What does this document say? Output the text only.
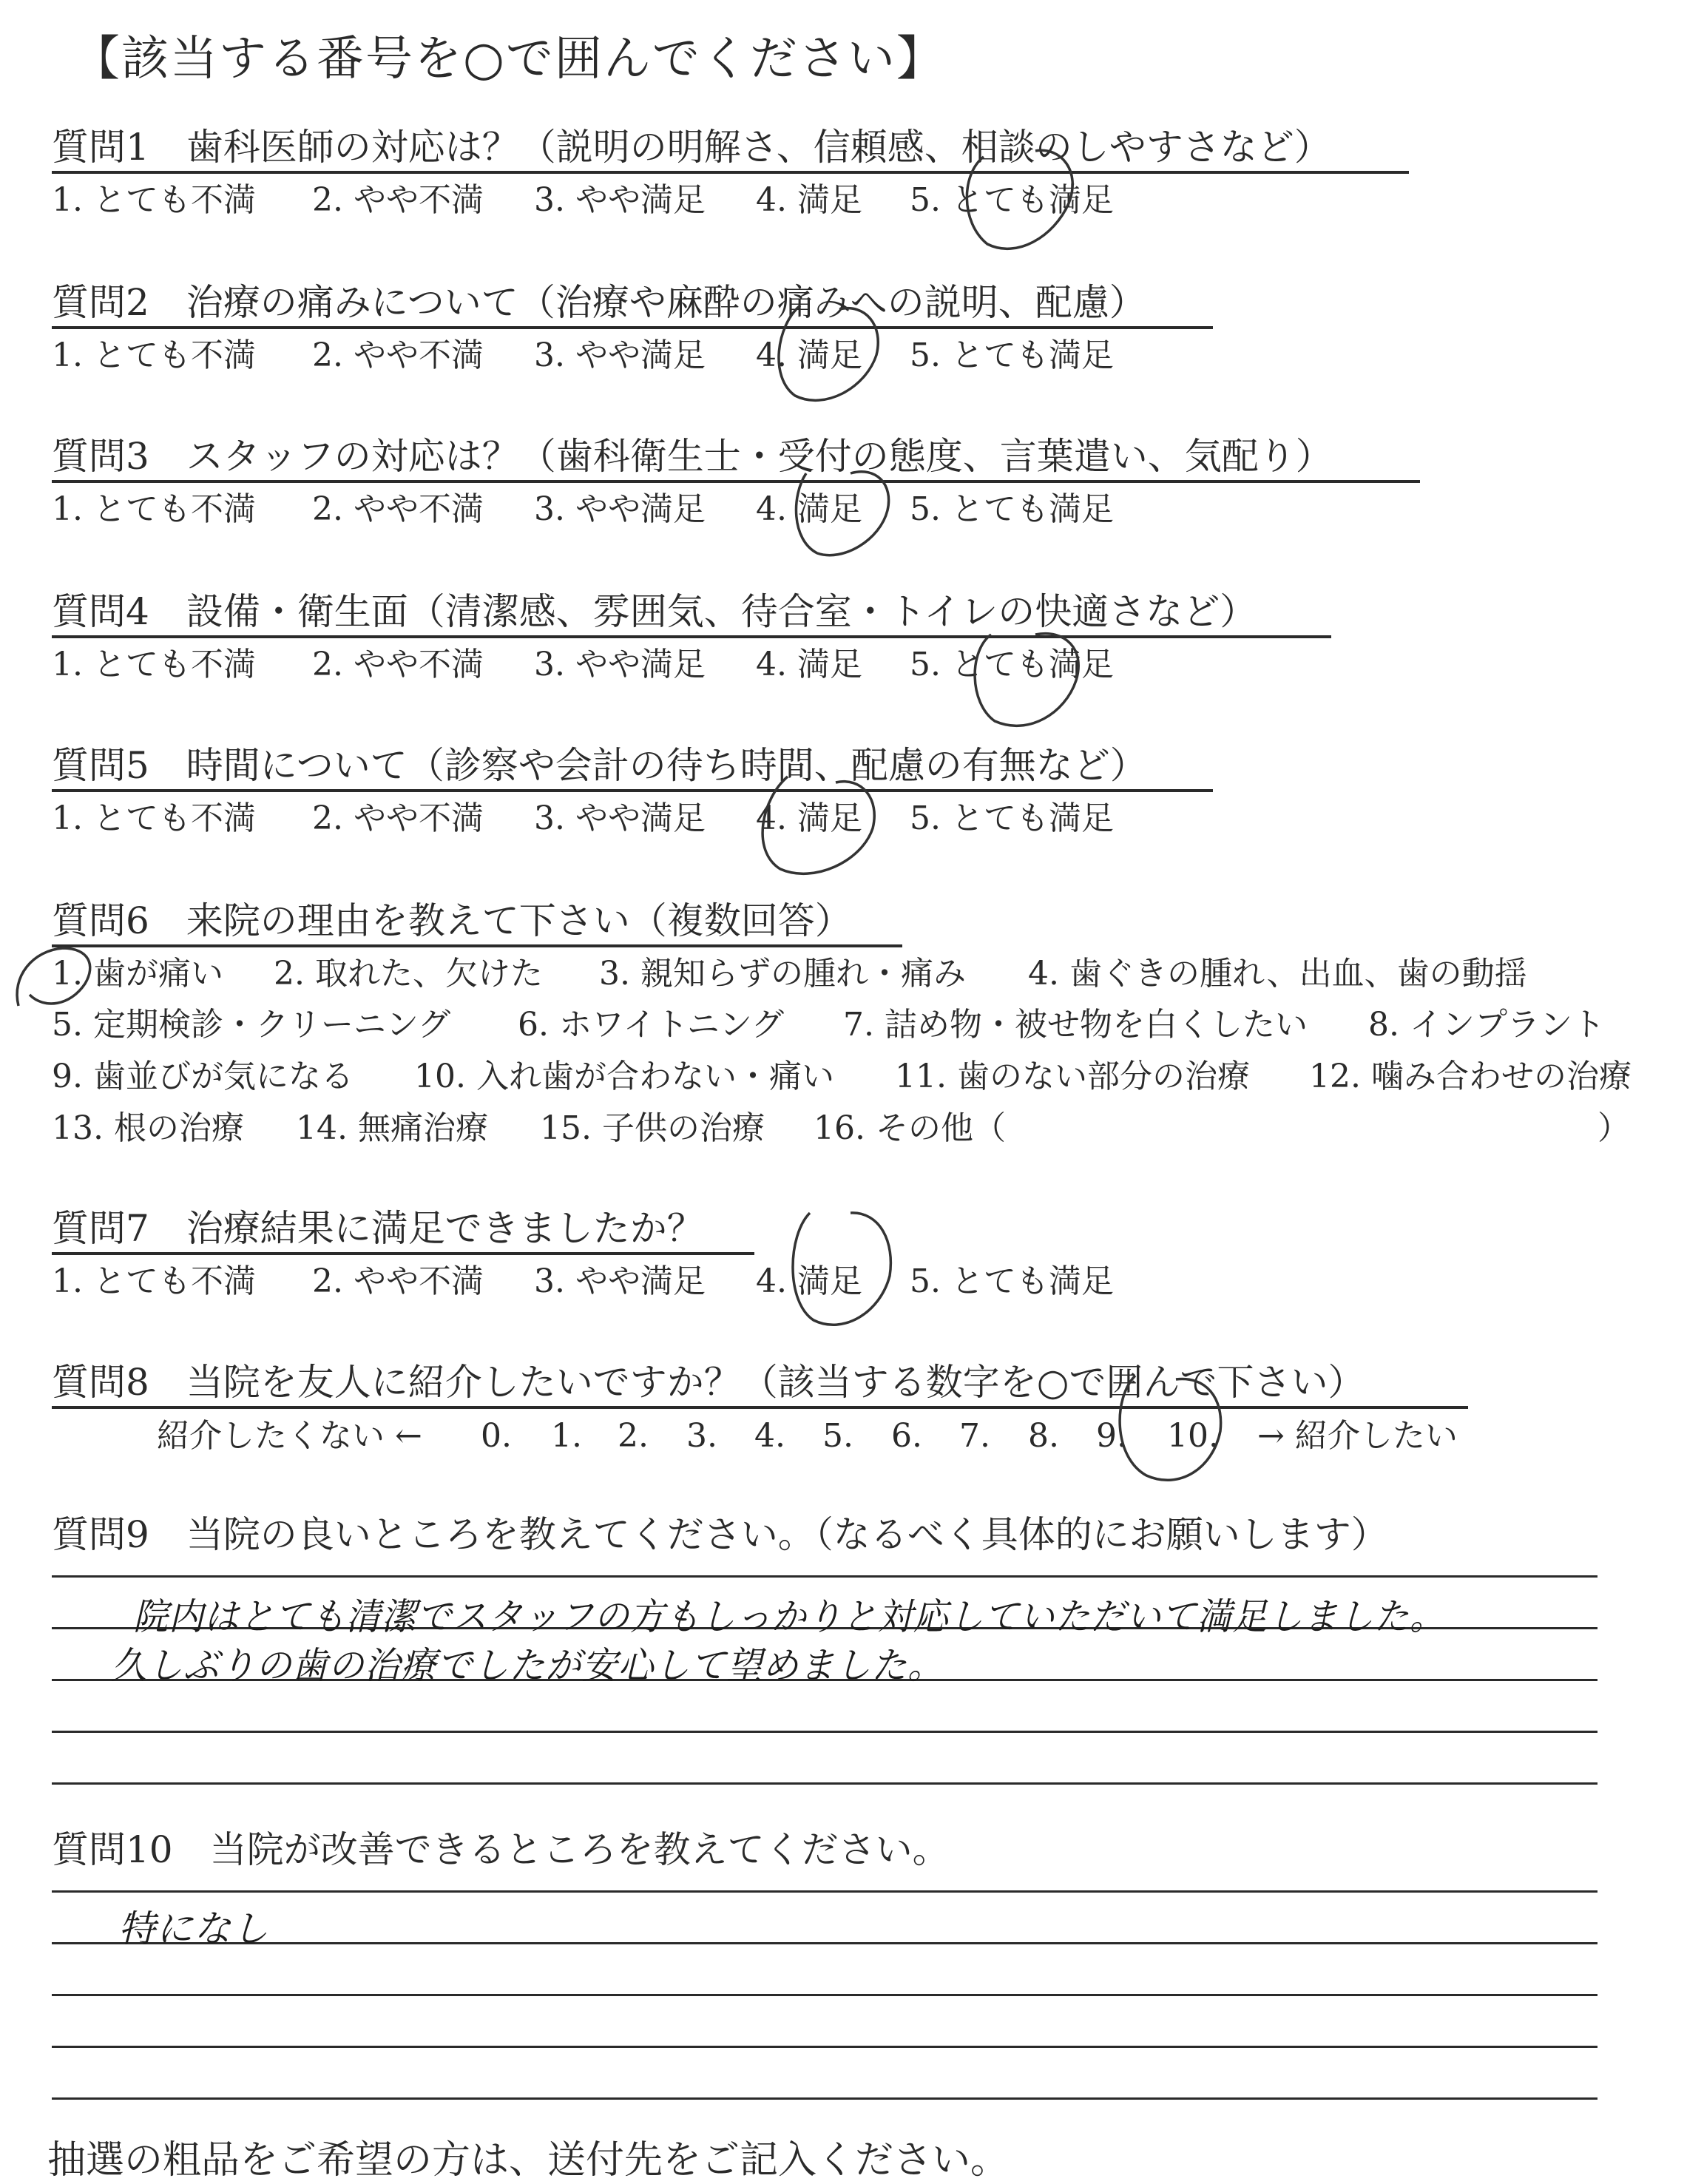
【該当する番号を○で囲んでください】
質問1　歯科医師の対応は？（説明の明解さ、信頼感、相談のしやすさなど）
1. とても不満 2. やや不満 3. やや満足 4. 満足 5. とても満足
質問2　治療の痛みについて（治療や麻酔の痛みへの説明、配慮）
1. とても不満 2. やや不満 3. やや満足 4. 満足 5. とても満足
質問3　スタッフの対応は？（歯科衛生士・受付の態度、言葉遣い、気配り）
1. とても不満 2. やや不満 3. やや満足 4. 満足 5. とても満足
質問4　設備・衛生面（清潔感、雰囲気、待合室・トイレの快適さなど）
1. とても不満 2. やや不満 3. やや満足 4. 満足 5. とても満足
質問5　時間について（診察や会計の待ち時間、配慮の有無など）
1. とても不満 2. やや不満 3. やや満足 4. 満足 5. とても満足
質問6　来院の理由を教えて下さい（複数回答）
1. 歯が痛い 2. 取れた、欠けた 3. 親知らずの腫れ・痛み 4. 歯ぐきの腫れ、出血、歯の動揺
5. 定期検診・クリーニング 6. ホワイトニング 7. 詰め物・被せ物を白くしたい 8. インプラント
9. 歯並びが気になる 10. 入れ歯が合わない・痛い 11. 歯のない部分の治療 12. 噛み合わせの治療
13. 根の治療 14. 無痛治療 15. 子供の治療 16. その他（	）
質問7　治療結果に満足できましたか？
1. とても不満 2. やや不満 3. やや満足 4. 満足 5. とても満足
質問8　当院を友人に紹介したいですか？（該当する数字を○で囲んで下さい）
紹介したくない ← 0. 1. 2. 3. 4. 5. 6. 7. 8. 9. 10. → 紹介したい
質問9　当院の良いところを教えてください。（なるべく具体的にお願いします）
院内はとても清潔でスタッフの方もしっかりと対応していただいて満足しました。
久しぶりの歯の治療でしたが安心して望めました。
質問10　当院が改善できるところを教えてください。
特になし
抽選の粗品をご希望の方は、送付先をご記入ください。
